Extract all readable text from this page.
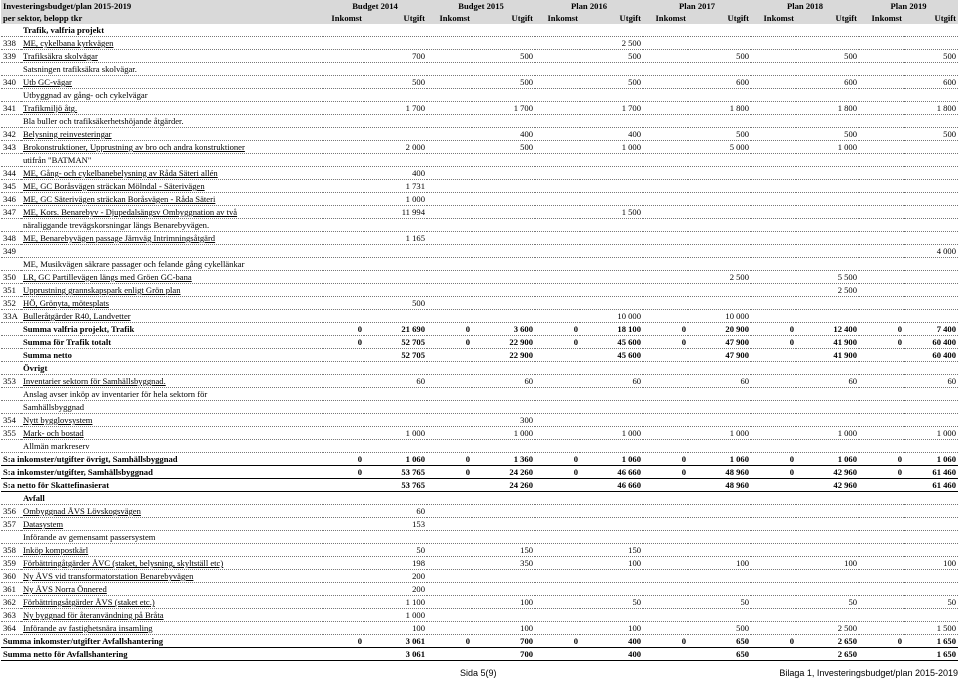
Investeringsbudget/plan 2015-2019		Budget 2014		Budget 2015		Plan 2016		Plan 2017		Plan 2018		Plan 2019	
per sektor, belopp tkr		Inkomst	Utgift	Inkomst	Utgift	Inkomst	Utgift	Inkomst	Utgift	Inkomst	Utgift	Inkomst	Utgift
	Trafik, valfria projekt												
338	ME, cykelbana kyrkvägen						2 500						
339	Trafiksäkra skolvägar		700		500		500		500		500		500
	Satsningen trafiksäkra skolvägar.												
340	Utb GC-vägar		500		500		500		600		600		600
	Utbyggnad av gång- och cykelvägar												
341	Trafikmiljö åtg.		1 700		1 700		1 700		1 800		1 800		1 800
	Bla buller och trafiksäkerhetshöjande åtgärder.												
342	Belysning reinvesteringar				400		400		500		500		500
343	Brokonstruktioner, Upprustning av bro och andra konstruktioner		2 000		500		1 000		5 000		1 000		
	utifrån "BATMAN"												
344	ME, Gång- och cykelbanebelysning av Råda Säteri allén		400										
345	ME, GC Boråsvägen sträckan Mölndal - Säterivägen		1 731										
346	ME, GC Säterivägen sträckan Boråsvägen - Råda Säteri		1 000										
347	ME, Kors. Benarebyv - Djupedalsängsv Ombyggnation av två		11 994				1 500						
	näraliggande trevägskorsningar längs Benarebyvägen.												
348	ME, Benarebyvägen passage Järnväg Intrimningsåtgärd		1 165										
349													4 000
	ME, Musikvägen säkrare passager och felande gång cykellänkar												
350	LR, GC Partillevägen längs med Gröen GC-bana								2 500		5 500		
351	Upprustning grannskapspark enligt Grön plan										2 500		
352	HÖ, Grönyta, mötesplats		500										
33A	Bulleråtgärder R40, Landvetter						10 000		10 000				
	Summa valfria projekt, Trafik	0	21 690	0	3 600	0	18 100	0	20 900	0	12 400	0	7 400
	Summa för Trafik totalt	0	52 705	0	22 900	0	45 600	0	47 900	0	41 900	0	60 400
	Summa netto		52 705		22 900		45 600		47 900		41 900		60 400
	Övrigt												
353	Inventarier sektorn för Samhällsbyggnad.		60		60		60		60		60		60
	Anslag avser inköp av inventarier för hela sektorn för												
	Samhällsbyggnad												
354	Nytt bygglovsystem				300								
355	Mark- och bostad		1 000		1 000		1 000		1 000		1 000		1 000
	Allmän markreserv												
S:a inkomster/utgifter övrigt, Samhällsbyggnad		0	1 060	0	1 360	0	1 060	0	1 060	0	1 060	0	1 060
S:a inkomster/utgifter, Samhällsbyggnad		0	53 765	0	24 260	0	46 660	0	48 960	0	42 960	0	61 460
S:a netto för Skattefinasierat			53 765		24 260		46 660		48 960		42 960		61 460
	Avfall												
356	Ombyggnad ÅVS Lövskogsvägen		60										
357	Datasystem		153										
	Införande av gemensamt passersystem												
358	Inköp kompostkärl		50		150		150						
359	Förbättringåtgärder ÅVC (staket, belysning, skyltställ etc)		198		350		100		100		100		100
360	Ny ÅVS vid transformatorstation Benarebyvägen		200										
361	Ny ÅVS Norra Önnered		200										
362	Förbättringsåtgärder ÅVS (staket etc.)		1 100		100		50		50		50		50
363	Ny byggnad för återanvändning på Bråta		1 000										
364	Införande av fastighetsnära insamling		100		100		100		500		2 500		1 500
Summa inkomster/utgifter Avfallshantering		0	3 061	0	700	0	400	0	650	0	2 650	0	1 650
Summa netto för Avfallshantering			3 061		700		400		650		2 650		1 650
Sida 5(9)	Bilaga 1, Investeringsbudget/plan 2015-2019
